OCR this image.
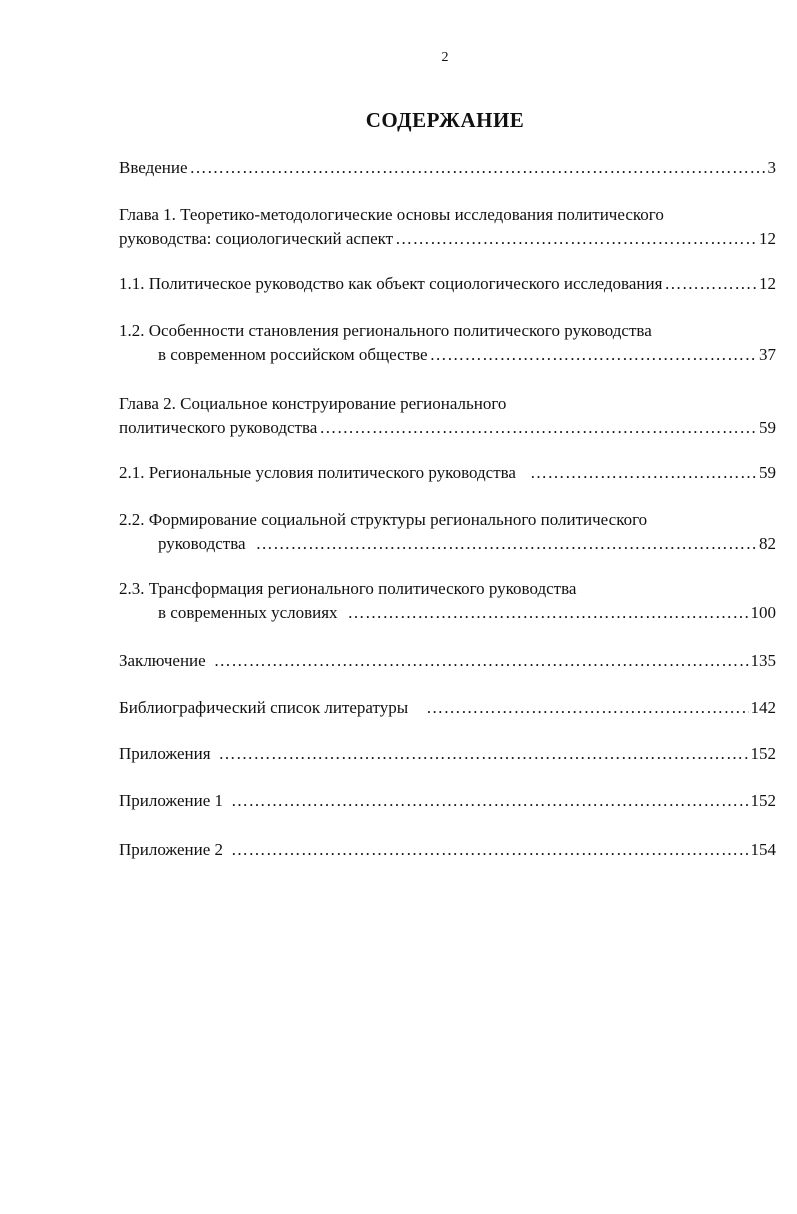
2
СОДЕРЖАНИЕ
Введение ………………………………………………………………………………………………………………………………………………………………………………………………………………………………………………	3
Глава 1. Теоретико-методологические основы исследования политического
руководства: социологический аспект ………………………………………………………………………………………………………………………………………………………………………………………………………………………………………………	12
1.1. Политическое руководство как объект социологического исследования ………………………………………………………………………………………………………………………………………………………………………………………………………………………………………………	12
1.2. Особенности становления регионального политического руководства
в современном российском обществе ………………………………………………………………………………………………………………………………………………………………………………………………………………………………………………	37
Глава 2. Социальное конструирование регионального
политического руководства ………………………………………………………………………………………………………………………………………………………………………………………………………………………………………………	59
2.1. Региональные условия политического руководства ………………………………………………………………………………………………………………………………………………………………………………………………………………………………………………	59
2.2. Формирование социальной структуры регионального политического
руководства ………………………………………………………………………………………………………………………………………………………………………………………………………………………………………………	82
2.3. Трансформация регионального политического руководства
в современных условиях ………………………………………………………………………………………………………………………………………………………………………………………………………………………………………………	100
Заключение ………………………………………………………………………………………………………………………………………………………………………………………………………………………………………………	135
Библиографический список литературы ………………………………………………………………………………………………………………………………………………………………………………………………………………………………………………	142
Приложения ………………………………………………………………………………………………………………………………………………………………………………………………………………………………………………	152
Приложение 1 ………………………………………………………………………………………………………………………………………………………………………………………………………………………………………………	152
Приложение 2 ………………………………………………………………………………………………………………………………………………………………………………………………………………………………………………	154
